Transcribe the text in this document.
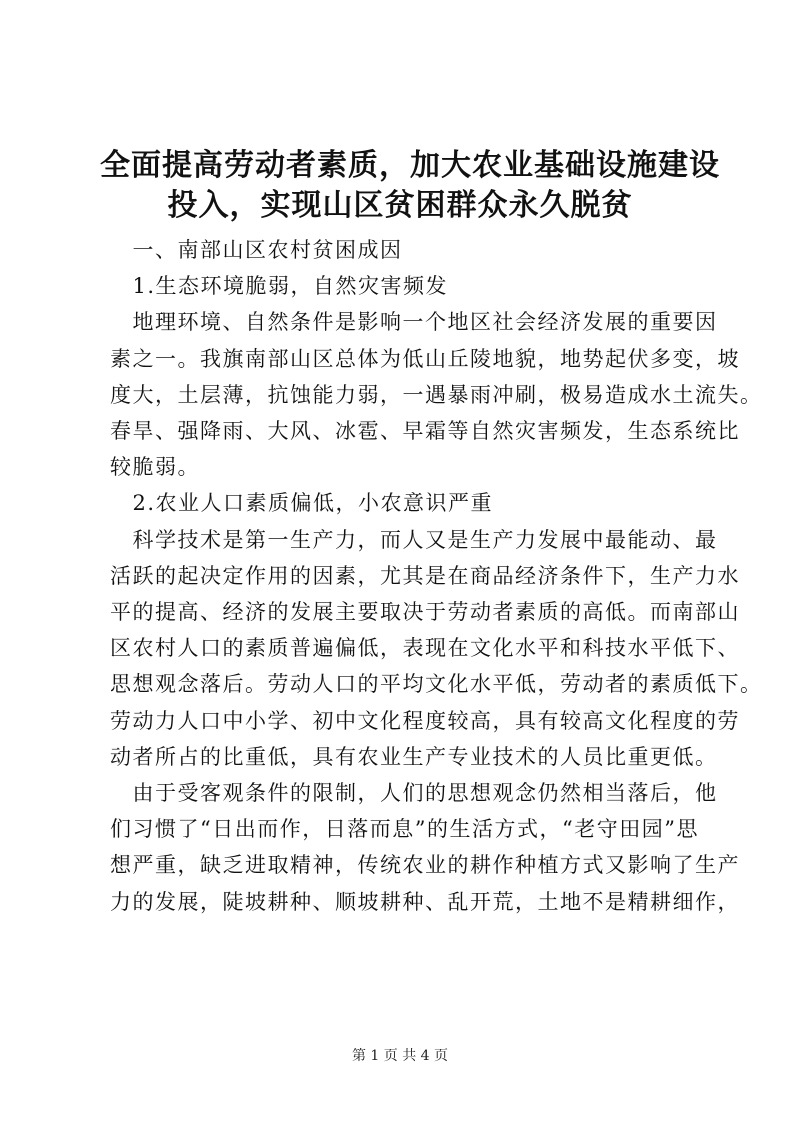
全面提高劳动者素质，加大农业基础设施建设
投入，实现山区贫困群众永久脱贫
　一、南部山区农村贫困成因
　1.生态环境脆弱，自然灾害频发
　地理环境、自然条件是影响一个地区社会经济发展的重要因
素之一。我旗南部山区总体为低山丘陵地貌，地势起伏多变，坡
度大，土层薄，抗蚀能力弱，一遇暴雨冲刷，极易造成水土流失。
春旱、强降雨、大风、冰雹、早霜等自然灾害频发，生态系统比
较脆弱。
　2.农业人口素质偏低，小农意识严重
　科学技术是第一生产力，而人又是生产力发展中最能动、最
活跃的起决定作用的因素，尤其是在商品经济条件下，生产力水
平的提高、经济的发展主要取决于劳动者素质的高低。而南部山
区农村人口的素质普遍偏低，表现在文化水平和科技水平低下、
思想观念落后。劳动人口的平均文化水平低，劳动者的素质低下。
劳动力人口中小学、初中文化程度较高，具有较高文化程度的劳
动者所占的比重低，具有农业生产专业技术的人员比重更低。
　由于受客观条件的限制，人们的思想观念仍然相当落后，他
们习惯了“日出而作，日落而息”的生活方式，“老守田园”思
想严重，缺乏进取精神，传统农业的耕作种植方式又影响了生产
力的发展，陡坡耕种、顺坡耕种、乱开荒，土地不是精耕细作，
第 1 页 共 4 页
